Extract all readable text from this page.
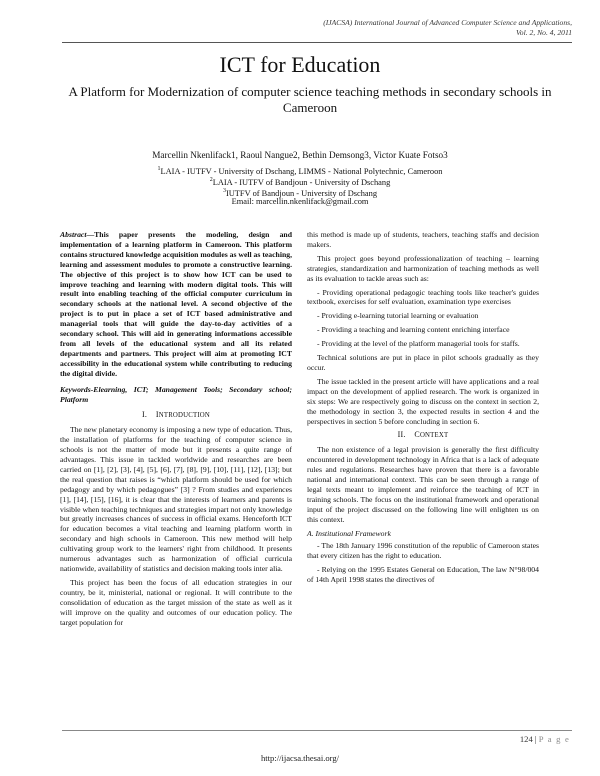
(IJACSA) International Journal of Advanced Computer Science and Applications,
Vol. 2, No. 4, 2011
ICT for Education
A Platform for Modernization of computer science teaching methods in secondary schools in Cameroon
Marcellin Nkenlifack1, Raoul Nangue2, Bethin Demsong3, Victor Kuate Fotso3
$^1$LAIA - IUTFV - University of Dschang, LIMMS - National Polytechnic, Cameroon
$^2$LAIA - IUTFV of Bandjoun - University of Dschang
$^3$IUTFV of Bandjoun - University of Dschang
Email: marcellin.nkenlifack@gmail.com

Abstract—This paper presents the modeling, design and implementation of a learning platform in Cameroon. This platform contains structured knowledge acquisition modules as well as teaching, learning and assessment modules to promote a constructive learning. The objective of this project is to show how ICT can be used to improve teaching and learning with modern digital tools. This will result into enabling teaching of the official computer curriculum in secondary schools at the national level. A second objective of the project is to put in place a set of ICT based administrative and managerial tools that will guide the day-to-day activities of a secondary school. This will aid in generating informations accessible from all levels of the educational system and all its related departments and partners. This project will aim at promoting ICT accessibility in the educational system while contributing to reducing the digital divide.

Keywords-Elearning, ICT; Management Tools; Secondary school; Platform

I. INTRODUCTION

The new planetary economy is imposing a new type of education. Thus, the installation of platforms for the teaching of computer science in schools is not the matter of mode but it presents a quite range of advantages. This issue in tackled worldwide and researches are been carried on [1], [2], [3], [4], [5], [6], [7], [8], [9], [10], [11], [12], [13]; but the real question that raises is “which platform should be used for which pedagogy and by which pedagogues” [3] ? From studies and experiences [1], [14], [15], [16], it is clear that the interests of learners and parents is visible when teaching techniques and strategies impart not only knowledge but greatly increases chances of success in official exams. Henceforth ICT for education becomes a vital teaching and learning platform worth in secondary and high schools in Cameroon. This new method will help cultivating group work to the learners' right from childhood. It presents numerous advantages such as harmonization of official curricula nationwide, availability of statistics and decision making tools inter alia.

This project has been the focus of all education strategies in our country, be it, ministerial, national or regional. It will contribute to the consolidation of education as the target mission of the state as well as it will improve on the quality and outcomes of our education policy. The target population for

this method is made up of students, teachers, teaching staffs and decision makers.

This project goes beyond professionalization of teaching – learning strategies, standardization and harmonization of teaching methods as well as its evaluation to tackle areas such as:

- Providing operational pedagogic teaching tools like teacher's guides textbook, exercises for self evaluation, examination type exercises

- Providing e-learning tutorial learning or evaluation

- Providing a teaching and learning content enriching interface

- Providing at the level of the platform managerial tools for staffs.

Technical solutions are put in place in pilot schools gradually as they occur.

The issue tackled in the present article will have applications and a real impact on the development of applied research. The work is organized in six steps: We are respectively going to discuss on the context in section 2, the methodology in section 3, the expected results in section 4 and the perspectives in section 5 before concluding in section 6.

II. CONTEXT

The non existence of a legal provision is generally the first difficulty encountered in development technology in Africa that is a lack of adequate rules and regulations. Researches have proven that there is a favorable national and international context. This can be seen through a range of legal texts meant to implement and reinforce the teaching of ICT in training schools. The focus on the institutional framework and operational input of the project discussed on the following line will enlighten us on this context.

A. Institutional Framework

- The 18th January 1996 constitution of the republic of Cameroon states that every citizen has the right to education.

- Relying on the 1995 Estates General on Education, The law N°98/004 of 14th April 1998 states the directives of

124 | P a g e
http://ijacsa.thesai.org/
